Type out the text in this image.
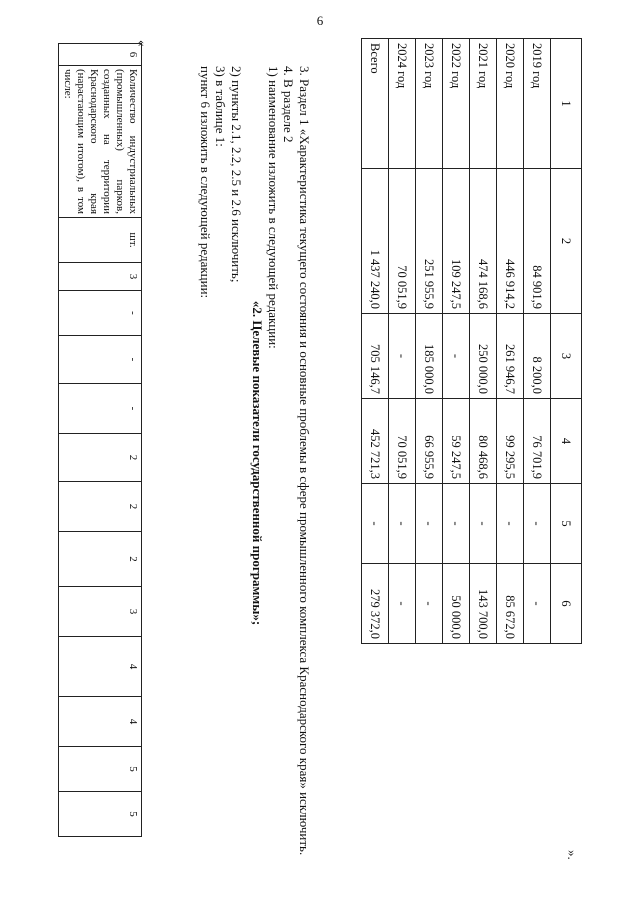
6
1	2	3	4	5	6
2019 год	84 901,9	8 200,0	76 701,9	-	-
2020 год	446 914,2	261 946,7	99 295,5	-	85 672,0
2021 год	474 168,6	250 000,0	80 468,6	-	143 700,0
2022 год	109 247,5	-	59 247,5	-	50 000,0
2023 год	251 955,9	185 000,0	66 955,9	-	-
2024 год	70 051,9	-	70 051,9	-	-
Всего	1 437 240,0	705 146,7	452 721,3	-	279 372,0
».

3. Раздел 1 «Характеристика текущего состояния и основные проблемы в сфере промышленного комплекса Краснодарского края» исключить.

4. В разделе 2

1) наименование изложить в следующей редакции:

«2. Целевые показатели государственной программы»;

2) пункты 2.1, 2.2, 2.5 и 2.6 исключить;

3) в таблице 1:

пункт 6 изложить в следующей редакции:

«
6	Количество индустриальных (промышленных) парков, созданных на территории Краснодарского края (нарастающим итогом), в том числе:	шт.	3	-	-	-	2	2	2	3	4	4	5	5
